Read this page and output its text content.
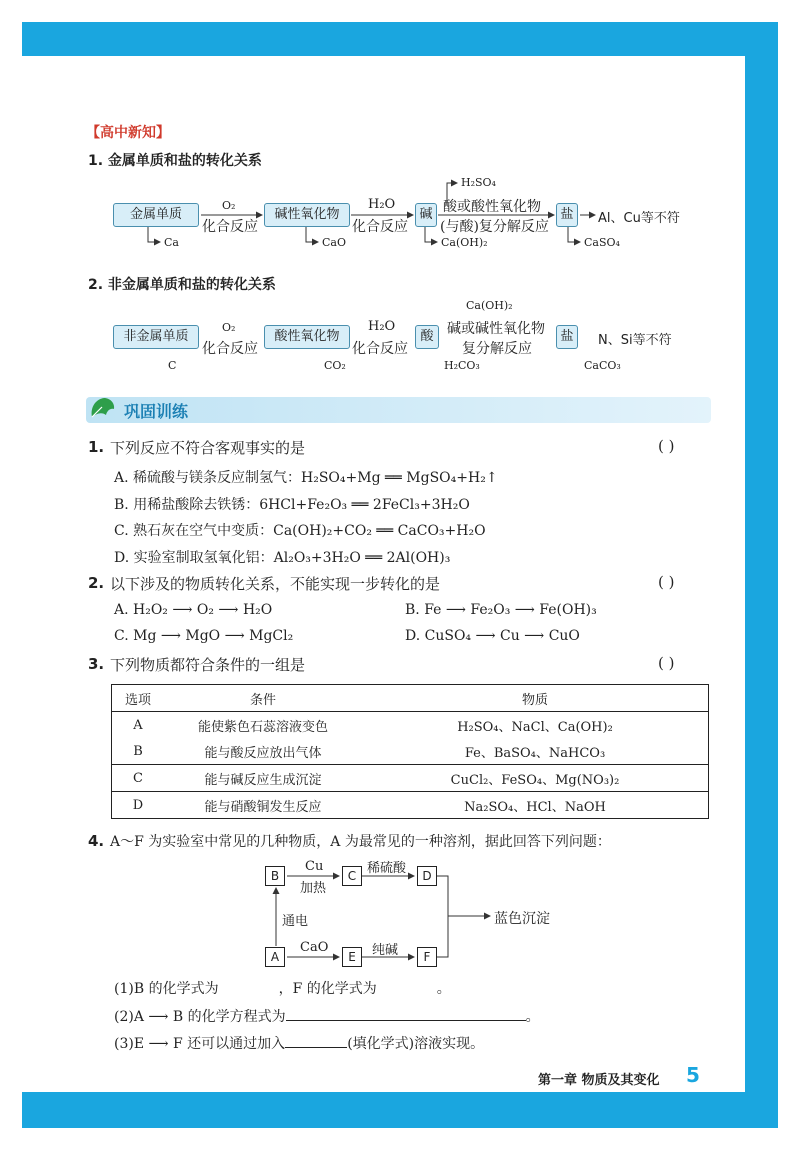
【高中新知】
1. 金属单质和盐的转化关系
金属单质	碱性氧化物	碱	盐
O₂
化合反应
H₂O
化合反应
酸或酸性氧化物
(与酸)复分解反应
H₂SO₄
Ca	CaO	Ca(OH)₂	CaSO₄
Al、Cu等不符
2. 非金属单质和盐的转化关系
非金属单质	酸性氧化物	酸	盐
O₂
化合反应
H₂O
化合反应
碱或碱性氧化物
复分解反应
Ca(OH)₂
C	CO₂	H₂CO₃	CaCO₃
N、Si等不符
巩固训练
1. 下列反应不符合客观事实的是	( )
A. 稀硫酸与镁条反应制氢气：H₂SO₄+Mg ══ MgSO₄+H₂↑
B. 用稀盐酸除去铁锈：6HCl+Fe₂O₃ ══ 2FeCl₃+3H₂O
C. 熟石灰在空气中变质：Ca(OH)₂+CO₂ ══ CaCO₃+H₂O
D. 实验室制取氢氧化铝：Al₂O₃+3H₂O ══ 2Al(OH)₃
2. 以下涉及的物质转化关系，不能实现一步转化的是	( )
A. H₂O₂ ⟶ O₂ ⟶ H₂O	B. Fe ⟶ Fe₂O₃ ⟶ Fe(OH)₃
C. Mg ⟶ MgO ⟶ MgCl₂	D. CuSO₄ ⟶ Cu ⟶ CuO
3. 下列物质都符合条件的一组是	( )
选项	条件	物质
A	能使紫色石蕊溶液变色	H₂SO₄、NaCl、Ca(OH)₂
B	能与酸反应放出气体	Fe、BaSO₄、NaHCO₃
C	能与碱反应生成沉淀	CuCl₂、FeSO₄、Mg(NO₃)₂
D	能与硝酸铜发生反应	Na₂SO₄、HCl、NaOH
4. A～F 为实验室中常见的几种物质，A 为最常见的一种溶剂，据此回答下列问题：
B	C	D
A	E	F
Cu
加热
稀硫酸
通电
CaO	纯碱
蓝色沉淀
(1)B 的化学式为	，F 的化学式为	。
(2)A ⟶ B 的化学方程式为	。
(3)E ⟶ F 还可以通过加入	(填化学式)溶液实现。
第一章 物质及其变化 5
